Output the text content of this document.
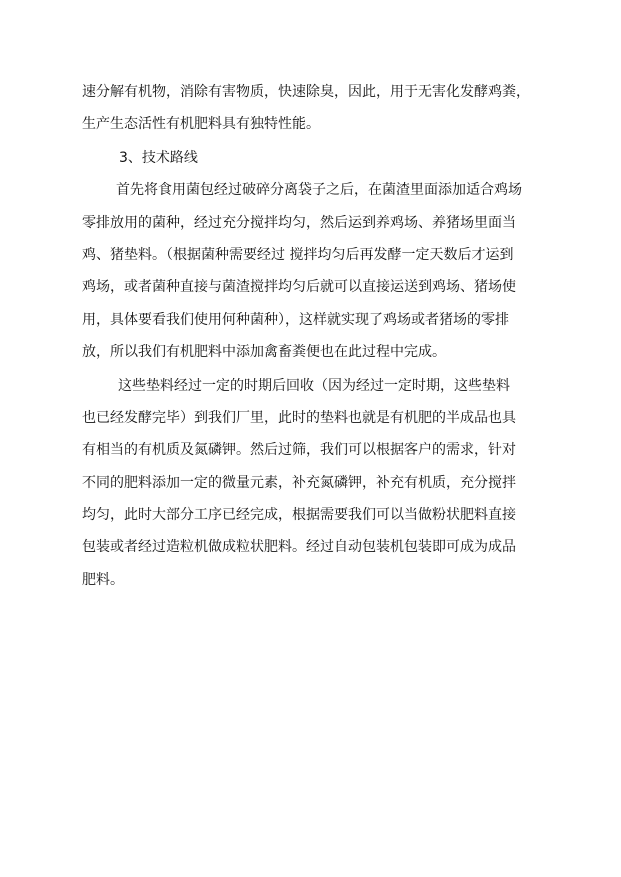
速分解有机物，消除有害物质，快速除臭，因此，用于无害化发酵鸡粪，
生产生态活性有机肥料具有独特性能。
3、技术路线
首先将食用菌包经过破碎分离袋子之后，在菌渣里面添加适合鸡场
零排放用的菌种，经过充分搅拌均匀，然后运到养鸡场、养猪场里面当
鸡、猪垫料。（根据菌种需要经过 搅拌均匀后再发酵一定天数后才运到
鸡场，或者菌种直接与菌渣搅拌均匀后就可以直接运送到鸡场、猪场使
用，具体要看我们使用何种菌种），这样就实现了鸡场或者猪场的零排
放，所以我们有机肥料中添加禽畜粪便也在此过程中完成。
这些垫料经过一定的时期后回收（因为经过一定时期，这些垫料
也已经发酵完毕）到我们厂里，此时的垫料也就是有机肥的半成品也具
有相当的有机质及氮磷钾。然后过筛，我们可以根据客户的需求，针对
不同的肥料添加一定的微量元素，补充氮磷钾，补充有机质，充分搅拌
均匀，此时大部分工序已经完成，根据需要我们可以当做粉状肥料直接
包装或者经过造粒机做成粒状肥料。经过自动包装机包装即可成为成品
肥料。
